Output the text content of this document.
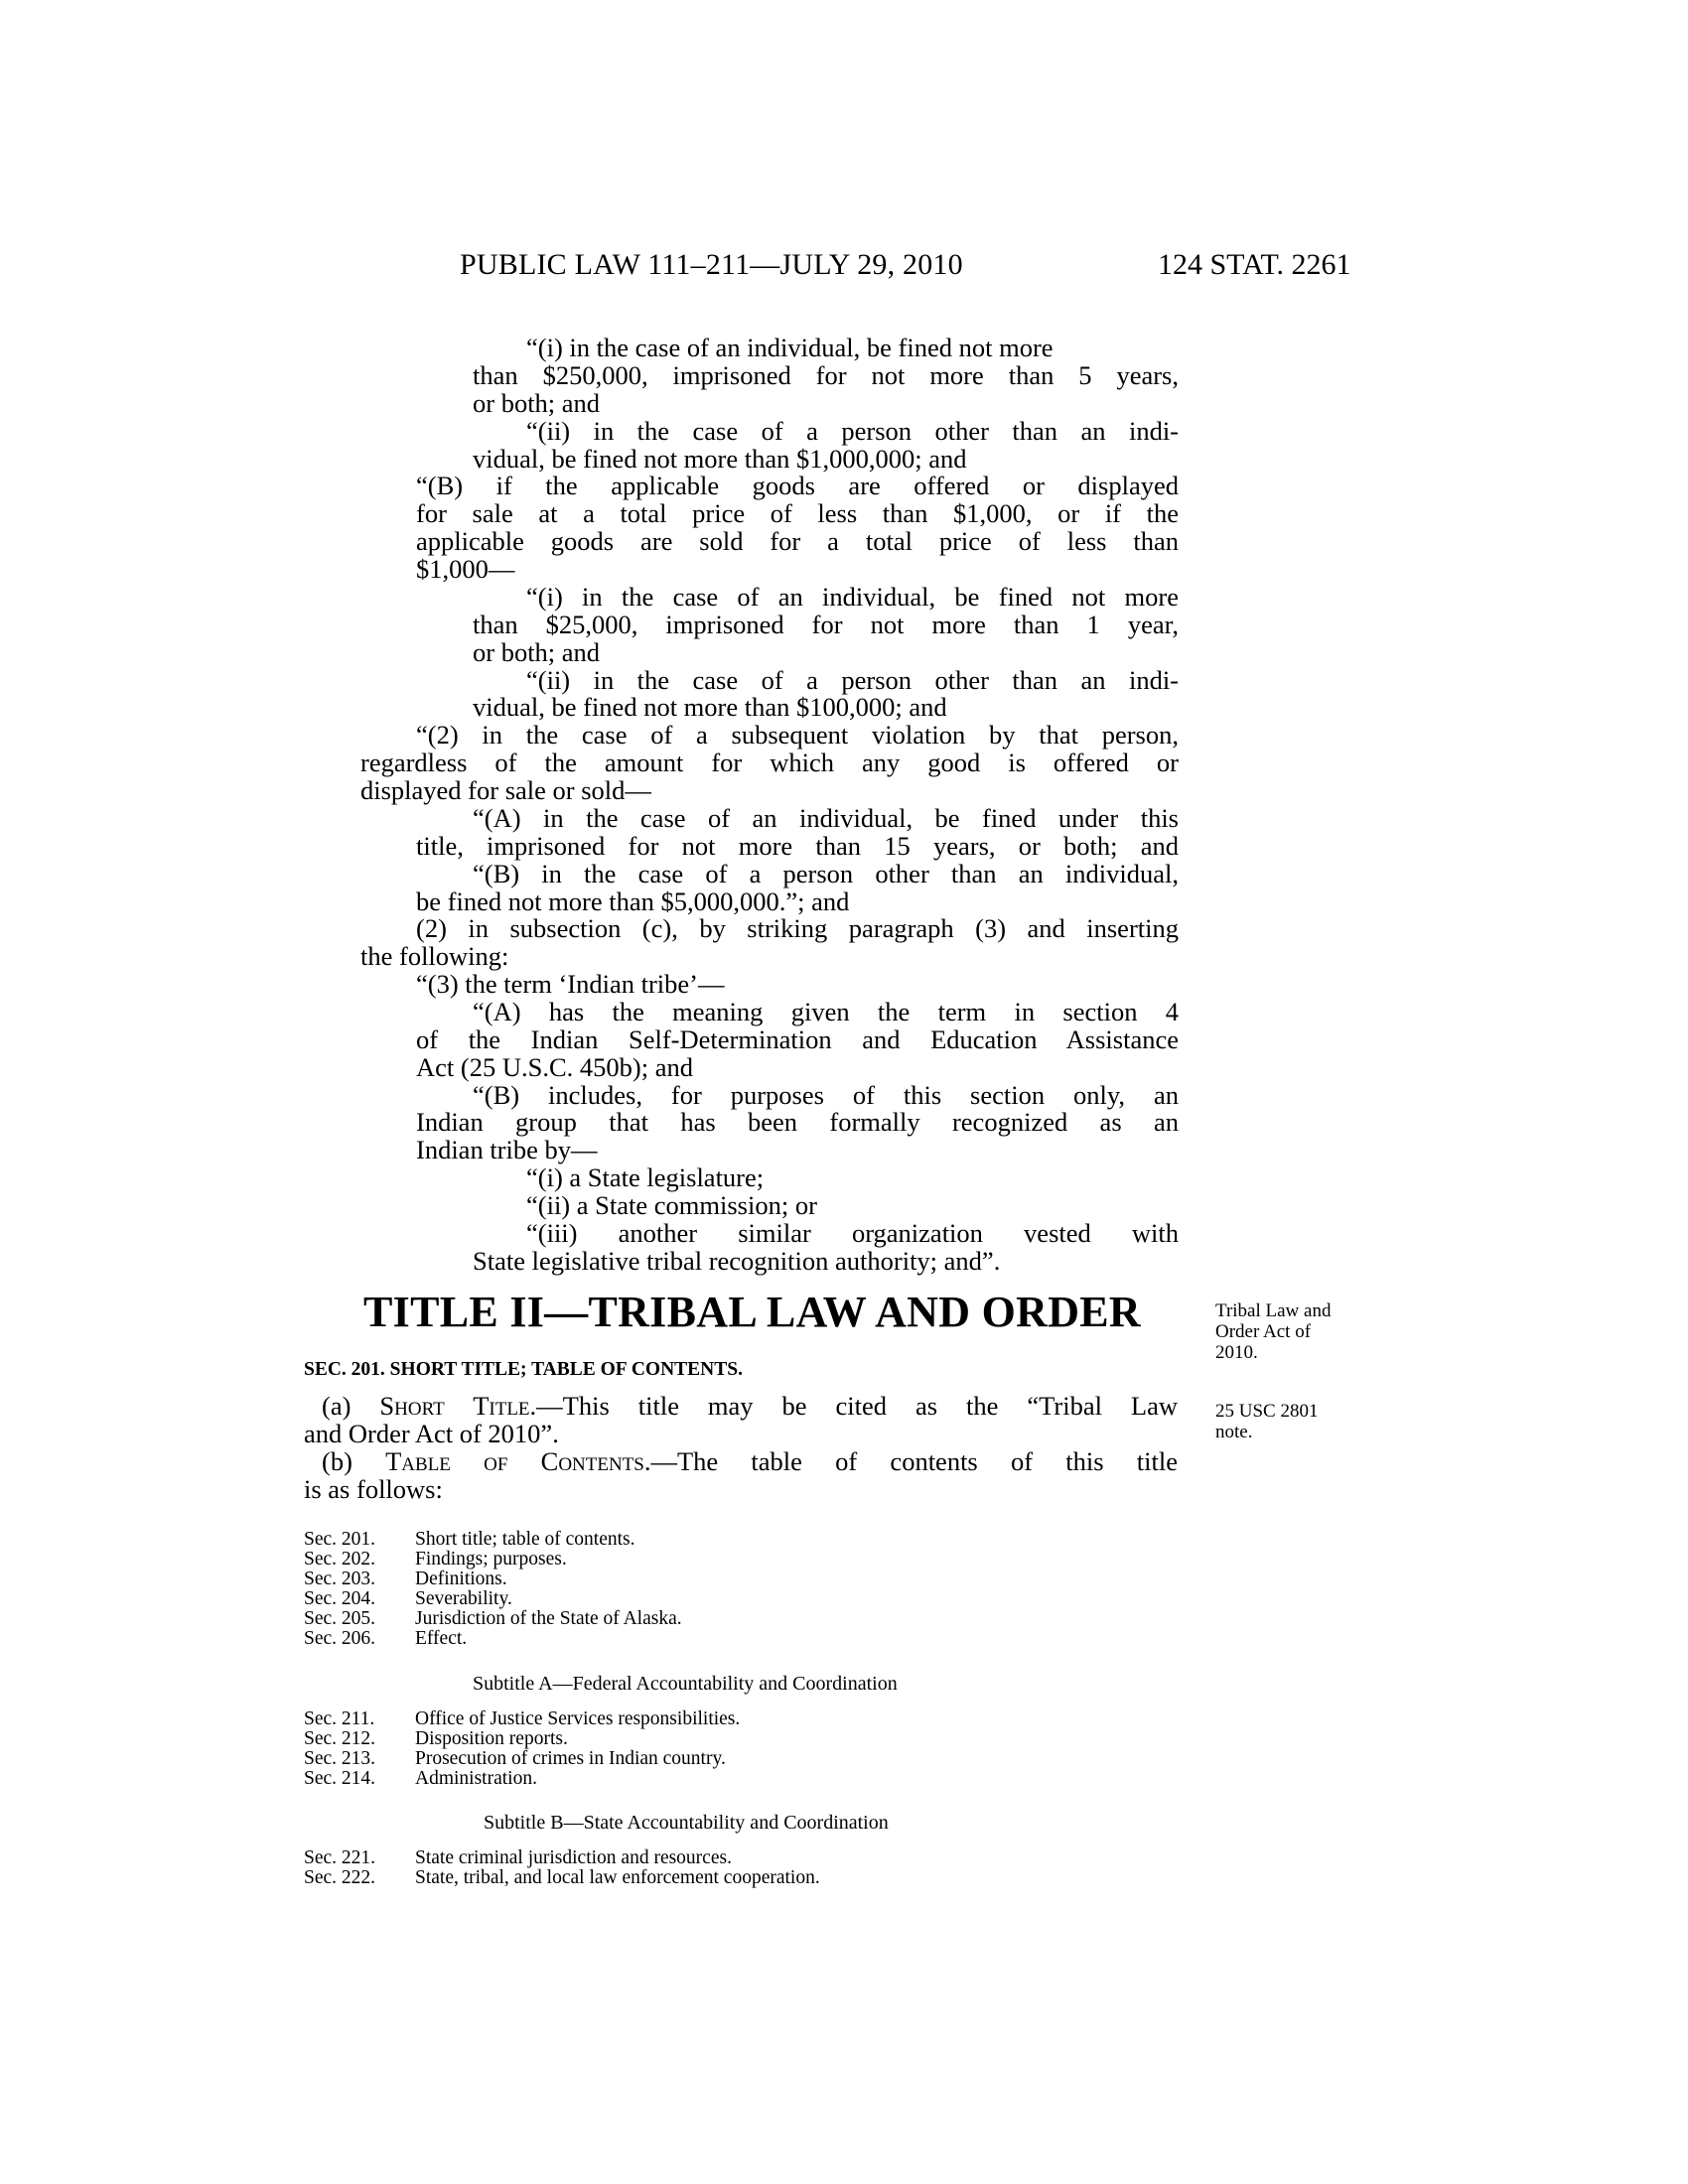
PUBLIC LAW 111–211—JULY 29, 2010	124 STAT. 2261
“(i) in the case of an individual, be fined not more
than $250,000, imprisoned for not more than 5 years,
or both; and
“(ii) in the case of a person other than an indi-
vidual, be fined not more than $1,000,000; and
“(B) if the applicable goods are offered or displayed
for sale at a total price of less than $1,000, or if the
applicable goods are sold for a total price of less than
$1,000—
“(i) in the case of an individual, be fined not more
than $25,000, imprisoned for not more than 1 year,
or both; and
“(ii) in the case of a person other than an indi-
vidual, be fined not more than $100,000; and
“(2) in the case of a subsequent violation by that person,
regardless of the amount for which any good is offered or
displayed for sale or sold—
“(A) in the case of an individual, be fined under this
title, imprisoned for not more than 15 years, or both; and
“(B) in the case of a person other than an individual,
be fined not more than $5,000,000.”; and
(2) in subsection (c), by striking paragraph (3) and inserting
the following:
“(3) the term ‘Indian tribe’—
“(A) has the meaning given the term in section 4
of the Indian Self-Determination and Education Assistance
Act (25 U.S.C. 450b); and
“(B) includes, for purposes of this section only, an
Indian group that has been formally recognized as an
Indian tribe by—
“(i) a State legislature;
“(ii) a State commission; or
“(iii) another similar organization vested with
State legislative tribal recognition authority; and”.
TITLE II—TRIBAL LAW AND ORDER
SEC. 201. SHORT TITLE; TABLE OF CONTENTS.
(a) Short Title.—This title may be cited as the “Tribal Law
and Order Act of 2010”.
(b) Table of Contents.—The table of contents of this title
is as follows:
Sec. 201. Short title; table of contents.
Sec. 202. Findings; purposes.
Sec. 203. Definitions.
Sec. 204. Severability.
Sec. 205. Jurisdiction of the State of Alaska.
Sec. 206. Effect.
Subtitle A—Federal Accountability and Coordination
Sec. 211. Office of Justice Services responsibilities.
Sec. 212. Disposition reports.
Sec. 213. Prosecution of crimes in Indian country.
Sec. 214. Administration.
Subtitle B—State Accountability and Coordination
Sec. 221. State criminal jurisdiction and resources.
Sec. 222. State, tribal, and local law enforcement cooperation.
Tribal Law and
Order Act of
2010.
25 USC 2801
note.
